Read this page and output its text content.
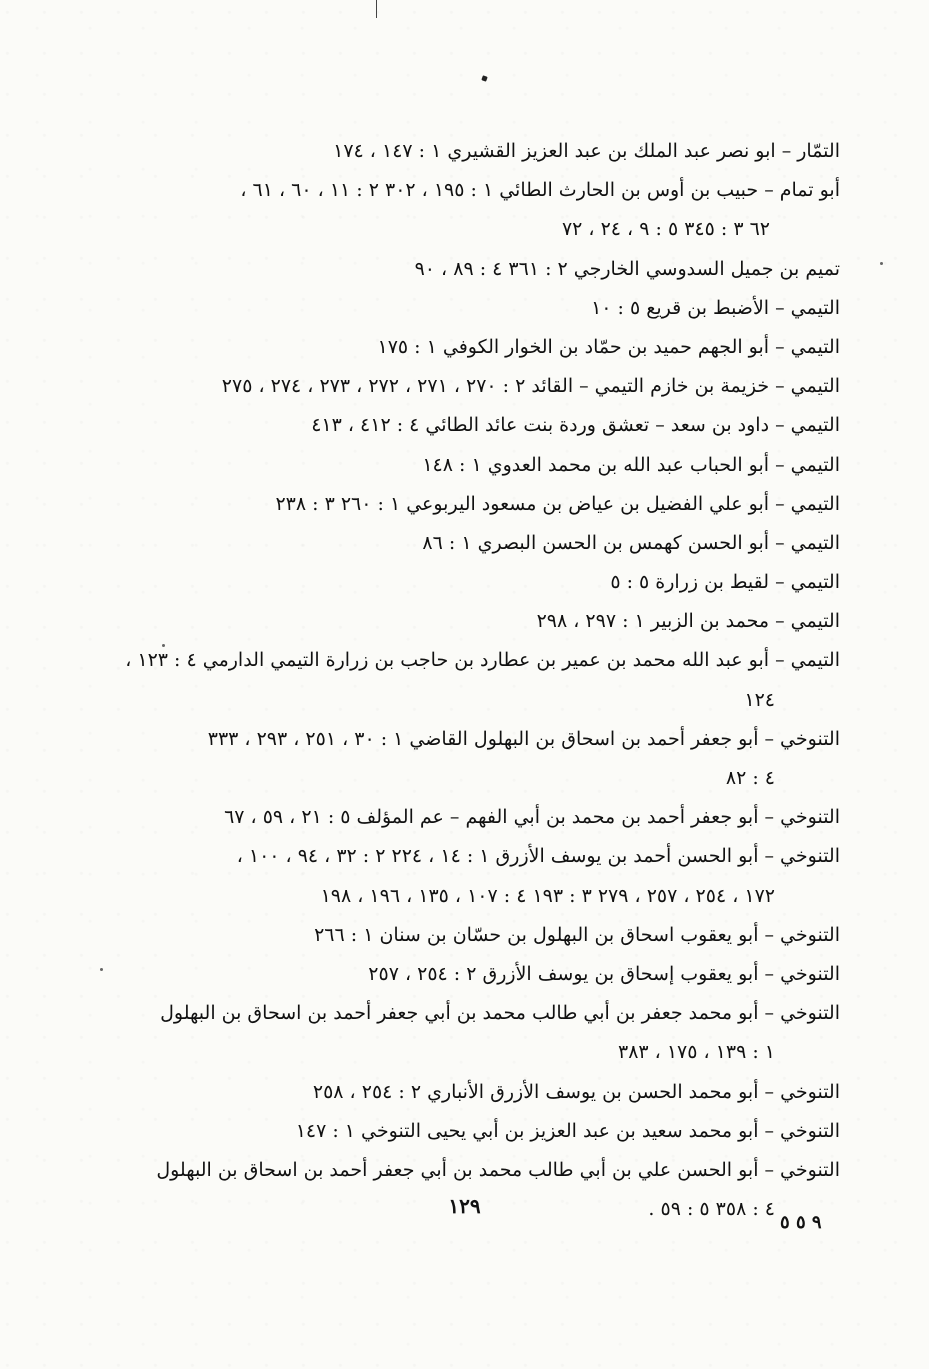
التمّار – ابو نصر عبد الملك بن عبد العزيز القشيري ١ : ١٤٧ ، ١٧٤
أبو تمام – حبيب بن أوس بن الحارث الطائي ١ : ١٩٥ ، ٣٠٢ ٢ : ١١ ، ٦٠ ، ٦١ ،
٦٢ ٣ : ٣٤٥ ٥ : ٩ ، ٢٤ ، ٧٢
تميم بن جميل السدوسي الخارجي ٢ : ٣٦١ ٤ : ٨٩ ، ٩٠
التيمي – الأضبط بن قريع ٥ : ١٠
التيمي – أبو الجهم حميد بن حمّاد بن الخوار الكوفي ١ : ١٧٥
التيمي – خزيمة بن خازم التيمي – القائد ٢ : ٢٧٠ ، ٢٧١ ، ٢٧٢ ، ٢٧٣ ، ٢٧٤ ، ٢٧٥
التيمي – داود بن سعد – تعشق وردة بنت عائد الطائي ٤ : ٤١٢ ، ٤١٣
التيمي – أبو الحباب عبد الله بن محمد العدوي ١ : ١٤٨
التيمي – أبو علي الفضيل بن عياض بن مسعود اليربوعي ١ : ٢٦٠ ٣ : ٢٣٨
التيمي – أبو الحسن كهمس بن الحسن البصري ١ : ٨٦
التيمي – لقيط بن زرارة ٥ : ٥
التيمي – محمد بن الزبير ١ : ٢٩٧ ، ٢٩٨
التيمي – أبو عبد الله محمد بن عمير بن عطارد بن حاجب بن زرارة التيمي الدارمي ٤ : ١٢٣ ،
١٢٤
التنوخي – أبو جعفر أحمد بن اسحاق بن البهلول القاضي ١ : ٣٠ ، ٢٥١ ، ٢٩٣ ، ٣٣٣
٤ : ٨٢
التنوخي – أبو جعفر أحمد بن محمد بن أبي الفهم – عم المؤلف ٥ : ٢١ ، ٥٩ ، ٦٧
التنوخي – أبو الحسن أحمد بن يوسف الأزرق ١ : ١٤ ، ٢٢٤ ٢ : ٣٢ ، ٩٤ ، ١٠٠ ،
١٧٢ ، ٢٥٤ ، ٢٥٧ ، ٢٧٩ ٣ : ١٩٣ ٤ : ١٠٧ ، ١٣٥ ، ١٩٦ ، ١٩٨
التنوخي – أبو يعقوب اسحاق بن البهلول بن حسّان بن سنان ١ : ٢٦٦
التنوخي – أبو يعقوب إسحاق بن يوسف الأزرق ٢ : ٢٥٤ ، ٢٥٧
التنوخي – أبو محمد جعفر بن أبي طالب محمد بن أبي جعفر أحمد بن اسحاق بن البهلول
١ : ١٣٩ ، ١٧٥ ، ٣٨٣
التنوخي – أبو محمد الحسن بن يوسف الأزرق الأنباري ٢ : ٢٥٤ ، ٢٥٨
التنوخي – أبو محمد سعيد بن عبد العزيز بن أبي يحيى التنوخي ١ : ١٤٧
التنوخي – أبو الحسن علي بن أبي طالب محمد بن أبي جعفر أحمد بن اسحاق بن البهلول
٤ : ٣٥٨ ٥ : ٥٩ .
١٢٩
٩ ٥ ٥
